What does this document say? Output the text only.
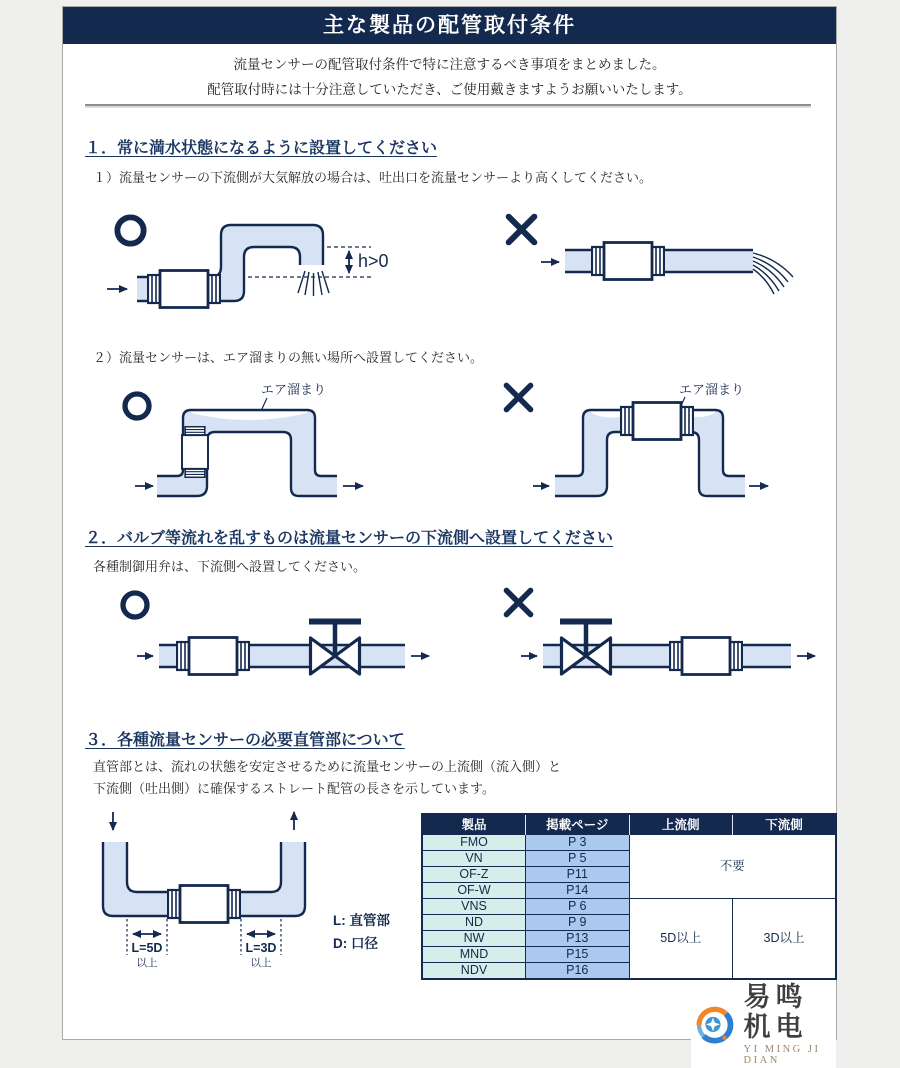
主な製品の配管取付条件
流量センサーの配管取付条件で特に注意するべき事項をまとめました。
配管取付時には十分注意していただき、ご使用戴きますようお願いいたします。
１．常に満水状態になるように設置してください
１）流量センサーの下流側が大気解放の場合は、吐出口を流量センサーより高くしてください。
h>0
２）流量センサーは、エア溜まりの無い場所へ設置してください。
エア溜まり	エア溜まり
２．バルブ等流れを乱すものは流量センサーの下流側へ設置してください
各種制御用弁は、下流側へ設置してください。
３．各種流量センサーの必要直管部について
直管部とは、流れの状態を安定させるために流量センサーの上流側（流入側）と
下流側（吐出側）に確保するストレート配管の長さを示しています。
L=5D
以上
L=3D
以上
L: 直管部
D: 口径
製品	掲載ページ	上流側	下流側
FMO	P 3	不要	
VN	P 5		
OF-Z	P11		
OF-W	P14		
VNS	P 6	5D以上	3D以上
ND	P 9		
NW	P13		
MND	P15		
NDV	P16		
易鸣机电
YI MING JI DIAN
